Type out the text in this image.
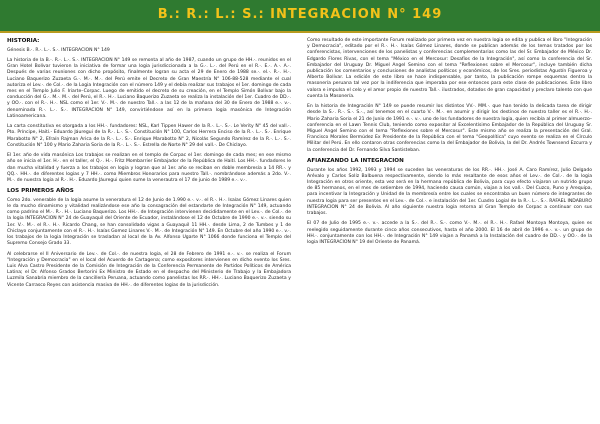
B.: R.: L.: S.: INTEGRACION N° 149
HISTORIA:

Génesis B.·. R.·. L.·. S.·. INTEGRACION N° 149

La historia de la B.·. R.·. L.·. S.·. INTEGRACION N° 149 se remonta al año de 1987, cuando un grupo de HH.·. reunidos en el Gran Hotel Bolívar tuvieron la iniciativa de formar una logia jurisdiccionada a la G.·. L.·. del Perú en el R.·. E.·. A.·. A.·. Después de varias reuniones con dicho propósito, finalmente logran su acta el 29 de Enero de 1988 se.·. el.·. R.·. H.·. Luciano Baquerizo Zuzaeta G.·. M.·. M.·. del Perú emite el Decreto de Gran Maestría N° 106-88-528 mediante el cual autoriza el Lev.·. de Col.·. de la Logia Integración con el número 149 y el debía realizar sus trabajos el 1er. domingo de cada mes en el Templo Julio F. Iriarte–Corpac. Luego de emitido el decreto de su creación, en el Templo Simón Bolívar bajo la conducción del G.·. M.·. M.·. del Perú, el R.·. H.·. Luciano Baquerizo Zuzaeta se realiza la instalación del 1er. Cuadro de DD.·. y OO.·. con el R.·. H.·. NSL como el 1er. V.·. M.·. de nuestro Tall.·. a las 12 de la mañana del 30 de Enero de 1988 e.·. v.·. denominada R.·. L.·. S.·. INTEGRACION N° 149, convirtiéndose así en la primera logia masónica de Integración Latinoamericana.

La carta constitutiva es otorgada a los HH.·. fundadores: NSL, Karl Tippen Hawer de la R.·. L.·. S.·. Le Verity N° 45 del vall.·. Pto. Príncipe, Haití.- Eduardo Jáuregui de la R.·. L.·. S.·. Constitución N° 100, Carlos Herrera Enciso de la R.·. L.·. S.·. Enrique Marabotto N° 2, Efraín Rajman Arica de la R.·. L.·. S.·. Enrique Marabotto N° 2, Nicolás Segundo Ramírez de la R.·. L.·. S.·. Constitución N° 100 y Mario Zaharia Soria de la R.·. L.·. S.·. Estrella de Norte N° 29 del vall.·. De Chiclayo.

El 1er. año de vida masónica Los trabajos se realizan en el templo de Corpac el 1er. domingo de cada mes; en ese mismo año se inicia el 1er. H.·. en el taller, el Q.·. H.·. Fritz Mombarrier Embajador de la República de Haití. Los HH.·. fundadores le dan mucha vitalidad y fuerza a los trabajos en logia y logran que al 1er. año se reciban en doble membresía a 14 RR.·. y QQ.·. HH.·. de diferentes logias y 7 HH.·. como Miembros Honorarios para nuestro Tall.·. nombrándose además a 2do. V.·. M.·. de nuestra logia al R.·. H.·. Eduardo Jáuregui quien sume la venerautra el 17 de junio de 1989 e.·. v.·.

LOS PRIMEROS AÑOS

Como 2do. venerable de la logia asume la veneratura el 12 de Junio de 1.990 e.·. v.·. el R.·. H.·. Isaías Gómez Linares quien le da mucho dinamismo y vitalidad realizándose ese año la consagración del estandarte de Integración N° 149, actuando como padrino el M.·. R.·. H.·. Luciano Baquerizo. Los HH.·. de Integración intervienen decididamente en el Lev.·. de Col.·. de la logia INTEGRACION N° 24 de Guayaquil del Oriente de Ecuador, instalándose el 12 de Octubre de 1990 e.·. v.·. siendo su 1er. V.·. M.·. el R.·. H.·. Ricardo Chang, se han consolidado vigas a Guayaquil 11 HH.·. desde Lima, 2 de Tumbes y 1 de Chiclayo conjuntamente con el R.·. H.·. Isaías Gomez Linares V.·. M.·. de Integración N° 149. En Octubre del año 1990 e.·. v.·. los trabajos de la logia Integración se trasladan al local de la Av. Alfonso Ugarte N° 1066 donde funciona el Templo del Supremo Consejo Grado 33.

Al celebrarse el II Aniversario de Lev.·. de Col.·. de nuestra logia, el 28 de Febrero de 1991 e.·. v.·. se realiza el Forum "Integración y Democracia" en el local del Acuerdo de Cartagena; como expositores intervienen en dicho evento los Sres. Luis Alva Castro Presidente de la Comisión de Integración de la Conferencia Permanente de Partidos Políticos de América Latina; el Dr. Alfonso Grados Bertorini Ex Ministro de Estado en el despacho del Ministerio de Trabajo y la Embajadora Luzmila Sanabria miembro de la cancillería Peruana, actuando como panelistas los RR.·. HH.·. Luciano Baquerizo Zuzaeta y Vicente Carrasco Reyes con asistencia masiva de HH.·. de diferentes logias de la jurisdicción.

Como resultado de este importante Forum realizado por primera vez en nuestra logia se edita y publica el libro "Integración y Democracia", editado por el R.·. H.·. Isaías Gómez Linares, donde se publican además de los temas tratados por los conferencistas, intervenciones de los panelistas y conferencias complementarias como las del Sr. Embajador de México Dr. Edgardo Flores Rivas, con el tema "México en el Mercosur: Desafíos de la Integración", así como la conferencia del Sr. Embajador del Uruguay Dr. Miguel Angel Semino con el tema "Reflexiones sobre el Mercosur", incluye también dicha publicación los comentarios y conclusiones de analistas políticos y económicos, de los Sres. periodistas Agustín Figueroa y Alberto Bolívar. La edición de este libro se hace indispensable, por tanto, la publicación rompe esquemas dentro la masonería peruana tal vez por la indiferencia que imperaba por ese entonces para este clase de publicaciones. Este libro valora e impulsa el celo y el amor propio de nuestro Tall.·. ilustrados, dotados de gran capacidad y preclaro talento con que cuenta la Masonería.

En la historia de Integración N° 149 se puede resumir los distintos VV.·. MM.·. que han tenido la delicada tarea de dirigir desde la S.·. R.·. S.·. S.·., así tenemos en el cuarto V.·. M.·. en asumir y dirigir los destinos de nuestro taller es el R.·. H.·. Mario Zaharia Soria el 21 de Junio de 1991 e.·. v.·. uno de los fundadores de nuestra logia, quien recibía al primer almuerzo–conferencia en el Lawn Tennis Club, teniendo como expositor al Excelentísimo Embajador de la República del Uruguay Sr. Miguel Angel Semino con el tema "Reflexiones sobre el Mercosur". Este mismo año se realiza la presentación del Gral. Francisco Morales Bermúdez Ex Presidente de la República con el tema "Geopolítica" cuyo evento se realiza en el Círculo Militar del Perú. En ello contaron otras conferencias como la del Embajador de Bolivia, la del Dr. Andrés Townsend Ezcurra y la conferencia del Dr. Fernando Silva Santisteban.

AFIANZANDO LA INTEGRACION

Durante los años 1992, 1993 y 1994 se suceden las veneraturas de los RR.·. HH.·. José A. Caro Ramírez, Julio Delgado Arévalo y Carlos Solíz Balbuena respectivamente, siendo lo más resaltante de esos años el Lev.·. de Col.·. de la logia Integración en otros oriente, esta vez será en la hermana república de Bolivia, para cuyo efecto viajaron un nutrido grupo de 85 hermanos, en el mes de setiembre de 1994, haciendo causa común, viajan a los vall.·. Del Cuzco, Puno y Arequipa, para incentivar la Integración y Unidad de la membresía entre los cuales se encontraba un buen número de integrantes de nuestra logia para ser presentes en el Lev.·. de Col.·. e instalación del 1er. Cuadro Logial de la R.·. L.·. S.·. RAFAEL INDABURO INTEGRACION N° 24 de Bolivia. Al año siguiente nuestra logia retorna al Gran Templo de Corpac a continuar con sus trabajos.

El 07 de Julio de 1995 e.·. v.·. accede a la S.·. del R.·. S.·. como V.·. M.·. el R.·. H.·. Rafael Montoya Montoya, quien es reelegido seguidamente durante cinco años consecutivos, hasta el año 2000. El 16 de abril de 1996 e.·. v.·. un grupo de HH.·. conjuntamente con los HH.·. de Integración N° 149 viajan a Panamá a la Instalación del cuadro de DD.·. y OO.·. de la logia INTEGRACION N° 19 del Oriente de Panamá.
